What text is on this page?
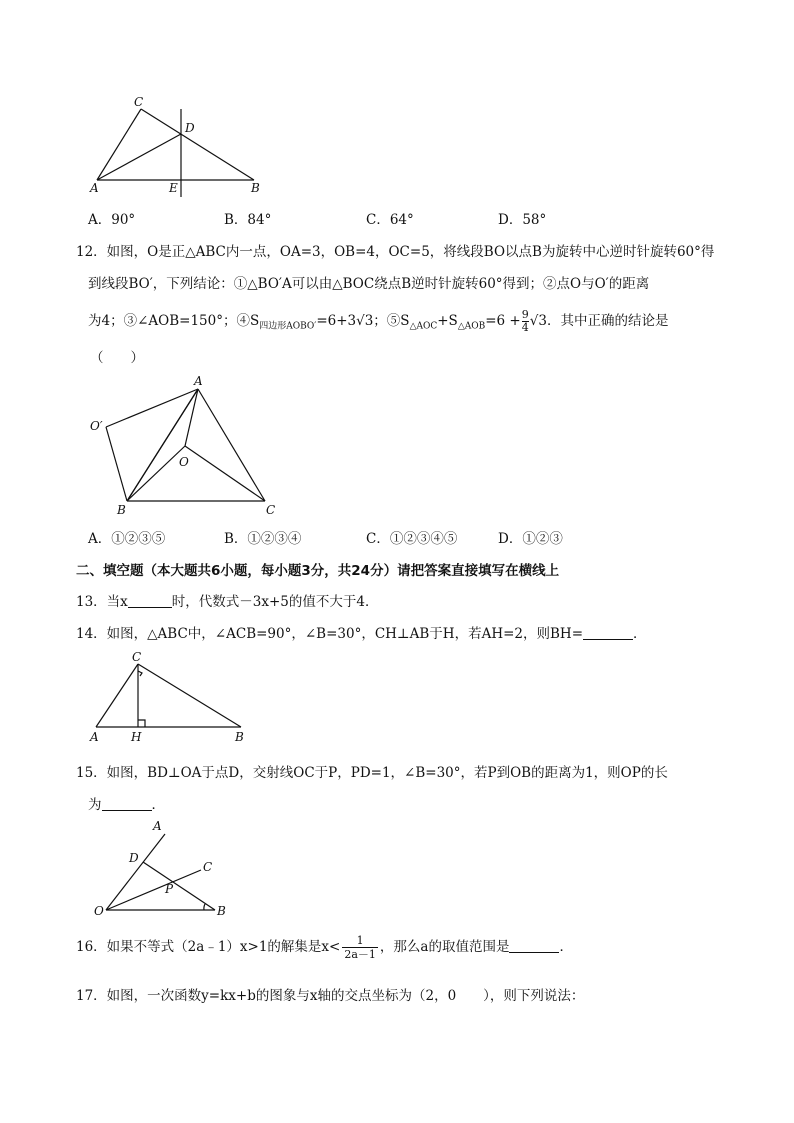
C
D
A	E	B
A．90°	B．84°	C．64°	D．58°
12．如图，O是正△ABC内一点，OA=3，OB=4，OC=5，将线段BO以点B为旋转中心逆时针旋转60°得
到线段BO′，下列结论：①△BO′A可以由△BOC绕点B逆时针旋转60°得到；②点O与O′的距离
为4；③∠AOB=150°；$④S_{四边形AOBO'}=6+3√3$；$⑤S_{\triangle AOC}+S_{\triangle AOB}=6 + \frac{9}{4} √3$．其中正确的结论是
（　　）
A
O′
O
B	C
A．①②③⑤	B．①②③④	C．①②③④⑤	D．①②③
二、填空题（本大题共6小题，每小题3分，共24分）请把答案直接填写在横线上
13．当x	时，代数式－3x+5的值不大于4．
14．如图，△ABC中，∠ACB=90°，∠B=30°，CH⊥AB于H，若AH=2，则BH=	．
C
A	H	B
15．如图，BD⊥OA于点D，交射线OC于P，PD=1，∠B=30°，若P到OB的距离为1，则OP的长
为	．
A
D
C
P
O	B
16．如果不等式（2a﹣1）x>1的解集是$x< \frac{1}{2a-1}$ ，那么a的取值范围是	．
17．如图，一次函数y=kx+b的图象与x轴的交点坐标为（2，0　　），则下列说法：
